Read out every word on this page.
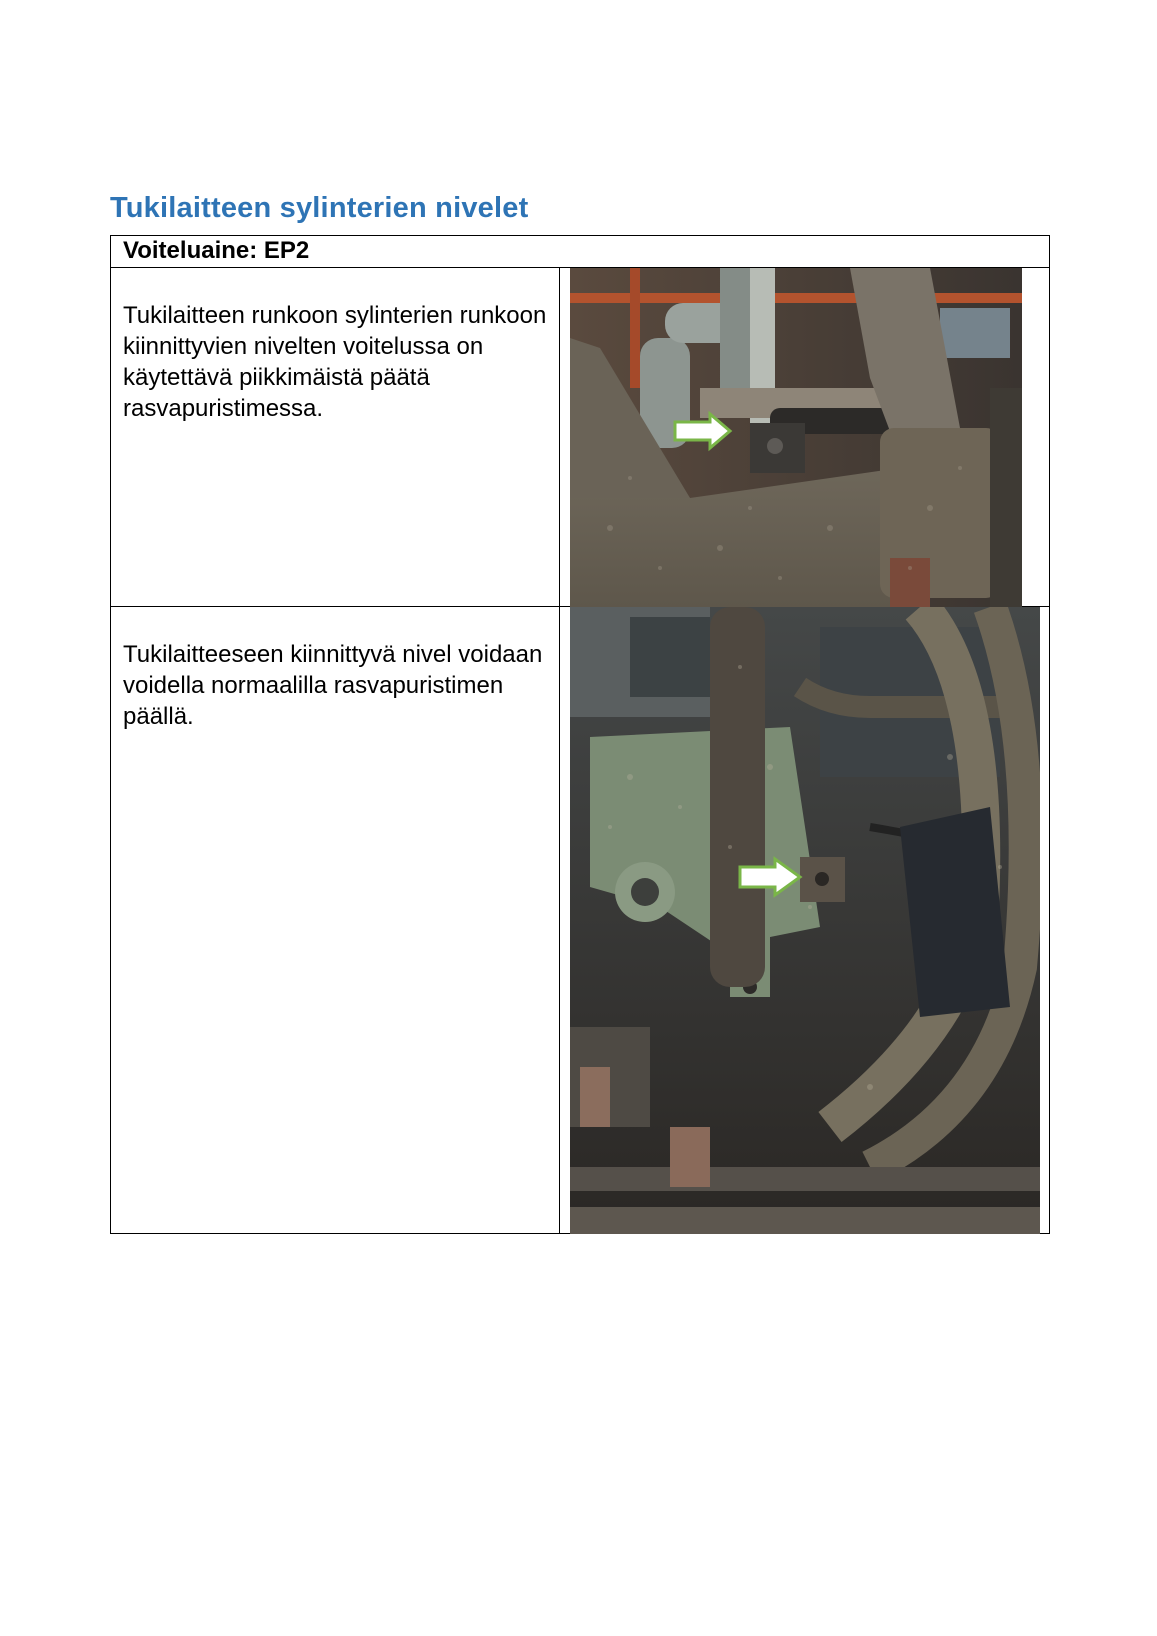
Tukilaitteen sylinterien nivelet
Voiteluaine: EP2	
Tukilaitteen runkoon sylinterien runkoon kiinnittyvien nivelten voitelussa on käytettävä piikkimäistä päätä rasvapuristimessa.	

Tukilaitteeseen kiinnittyvä nivel voidaan voidella normaalilla rasvapuristimen päällä.	
